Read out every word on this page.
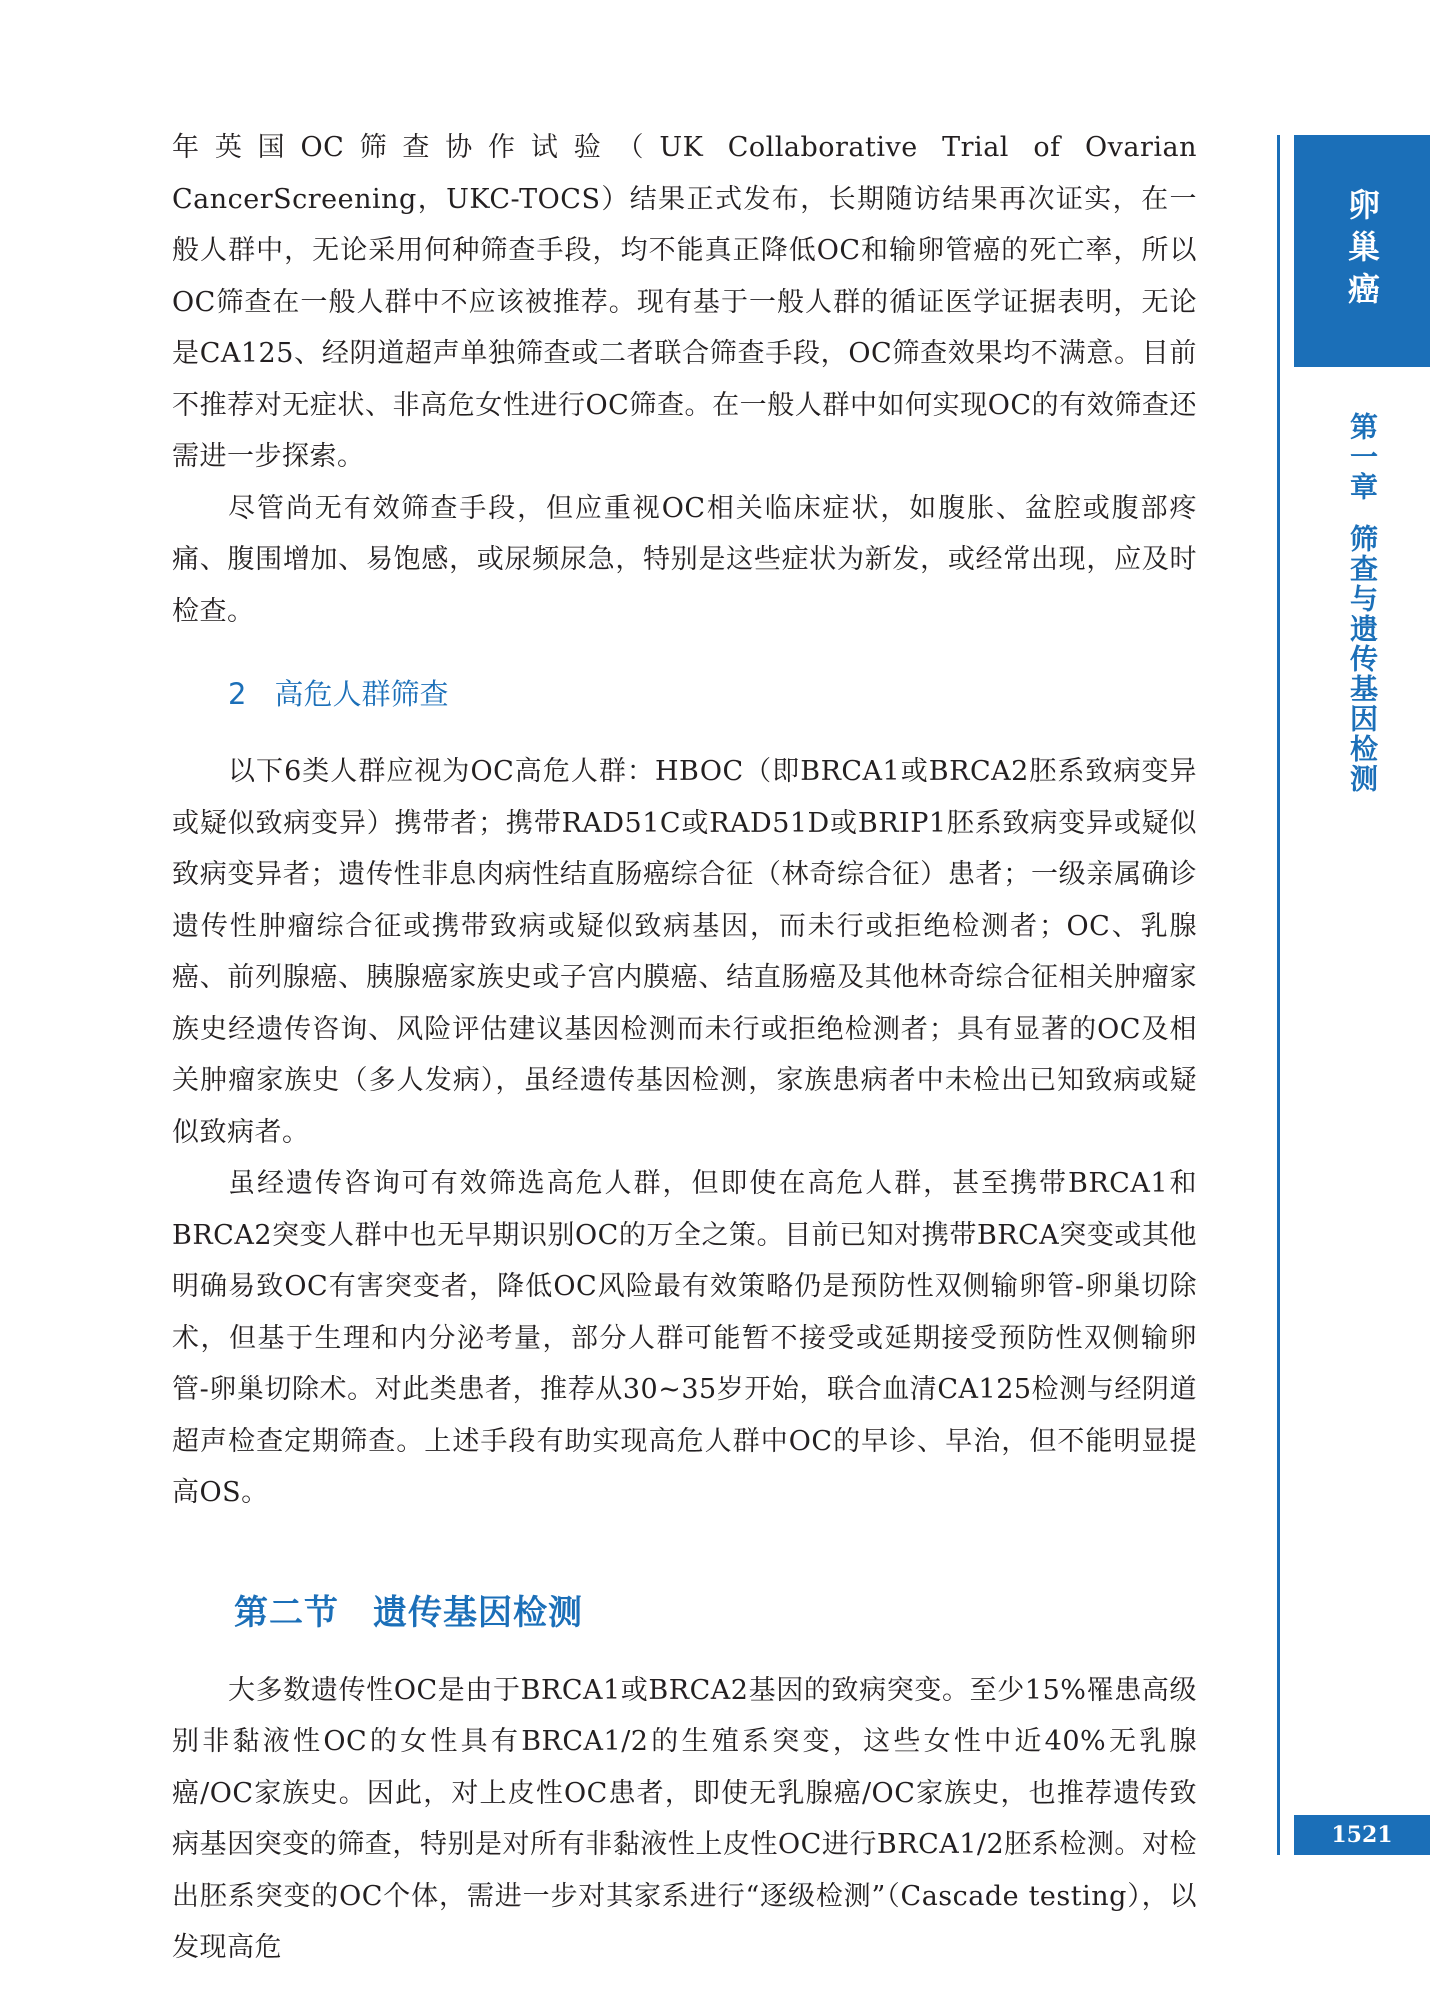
年英国OC筛查协作试验（UK Collaborative Trial of Ovarian CancerScreening，UKC-TOCS）结果正式发布，长期随访结果再次证实，在一般人群中，无论采用何种筛查手段，均不能真正降低OC和输卵管癌的死亡率，所以OC筛查在一般人群中不应该被推荐。现有基于一般人群的循证医学证据表明，无论是CA125、经阴道超声单独筛查或二者联合筛查手段，OC筛查效果均不满意。目前不推荐对无症状、非高危女性进行OC筛查。在一般人群中如何实现OC的有效筛查还需进一步探索。

尽管尚无有效筛查手段，但应重视OC相关临床症状，如腹胀、盆腔或腹部疼痛、腹围增加、易饱感，或尿频尿急，特别是这些症状为新发，或经常出现，应及时检查。

2 高危人群筛查

以下6类人群应视为OC高危人群：HBOC（即BRCA1或BRCA2胚系致病变异或疑似致病变异）携带者；携带RAD51C或RAD51D或BRIP1胚系致病变异或疑似致病变异者；遗传性非息肉病性结直肠癌综合征（林奇综合征）患者；一级亲属确诊遗传性肿瘤综合征或携带致病或疑似致病基因，而未行或拒绝检测者；OC、乳腺癌、前列腺癌、胰腺癌家族史或子宫内膜癌、结直肠癌及其他林奇综合征相关肿瘤家族史经遗传咨询、风险评估建议基因检测而未行或拒绝检测者；具有显著的OC及相关肿瘤家族史（多人发病），虽经遗传基因检测，家族患病者中未检出已知致病或疑似致病者。

虽经遗传咨询可有效筛选高危人群，但即使在高危人群，甚至携带BRCA1和BRCA2突变人群中也无早期识别OC的万全之策。目前已知对携带BRCA突变或其他明确易致OC有害突变者，降低OC风险最有效策略仍是预防性双侧输卵管-卵巢切除术，但基于生理和内分泌考量，部分人群可能暂不接受或延期接受预防性双侧输卵管-卵巢切除术。对此类患者，推荐从30~35岁开始，联合血清CA125检测与经阴道超声检查定期筛查。上述手段有助实现高危人群中OC的早诊、早治，但不能明显提高OS。

第二节 遗传基因检测

大多数遗传性OC是由于BRCA1或BRCA2基因的致病突变。至少15%罹患高级别非黏液性OC的女性具有BRCA1/2的生殖系突变，这些女性中近40%无乳腺癌/OC家族史。因此，对上皮性OC患者，即使无乳腺癌/OC家族史，也推荐遗传致病基因突变的筛查，特别是对所有非黏液性上皮性OC进行BRCA1/2胚系检测。对检出胚系突变的OC个体，需进一步对其家系进行“逐级检测”（Cascade testing），以发现高危

卵巢癌
第一章筛查与遗传基因检测
1521
